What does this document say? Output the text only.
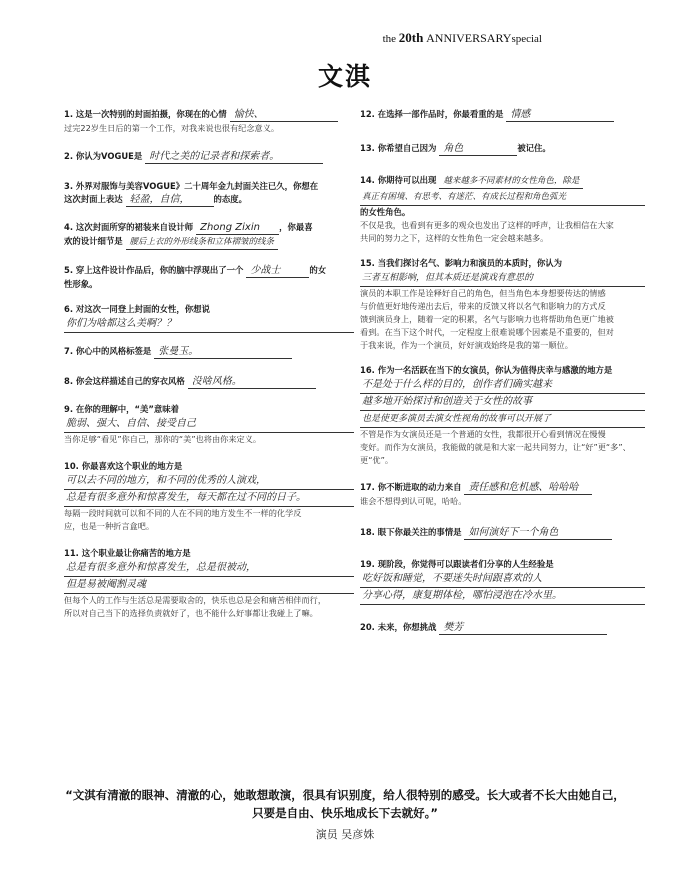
the 20th ANNIVERSARYspecial
文淇
1. 这是一次特别的封面拍摄，你现在的心情 愉快、
过完22岁生日后的第一个工作，对我来说也很有纪念意义。
2. 你认为VOGUE是 时代之美的记录者和探索者。
3. 外界对服饰与美容VOGUE》二十周年金九封面关注已久，你想在
这次封面上表达 轻盈，自信，	的态度。
4. 这次封面所穿的裙装来自设计师 Zhong Zixin ，你最喜
欢的设计细节是 腰后上衣的外形线条和立体褶皱的线条
5. 穿上这件设计作品后，你的脑中浮现出了一个 少战士	的女
性形象。
6. 对这次一同登上封面的女性，你想说
你们为啥都这么美啊？？
7. 你心中的风格标签是 张曼玉。
8. 你会这样描述自己的穿衣风格 没啥风格。
9. 在你的理解中，“美”意味着
脆弱、强大、自信、接受自己
当你足够“看见”你自己，那你的“美”也将由你来定义。
10. 你最喜欢这个职业的地方是
可以去不同的地方，和不同的优秀的人演戏，
总是有很多意外和惊喜发生，每天都在过不同的日子。
每隔一段时间就可以和不同的人在不同的地方发生不一样的化学反
应，也是一种折言盒吧。
11. 这个职业最让你痛苦的地方是
总是有很多意外和惊喜发生，总是很被动，
但是易被阉割灵魂
但每个人的工作与生活总是需要取舍的，快乐也总是会和痛苦相伴而行，
所以对自己当下的选择负责就好了，也不能什么好事都让我碰上了嘛。
12. 在选择一部作品时，你最看重的是 情感
13. 你希望自己因为 角色	被记住。
14. 你期待可以出现 越来越多不同素材的女性角色，除是
真正有困境、有思考、有迷茫、有成长过程和角色弧光
的女性角色。
不仅是我，也看到有更多的观众也发出了这样的呼声，让我相信在大家
共同的努力之下，这样的女性角色一定会越来越多。
15. 当我们探讨名气、影响力和演员的本质时，你认为
三者互相影响，但其本质还是演戏有意思的
演员的本职工作是诠释好自己的角色，但当角色本身想要传达的情感
与价值更好地传递出去后，带来的反馈又将以名气和影响力的方式反
馈到演员身上，随着一定的积累，名气与影响力也将帮助角色更广地被
看到。在当下这个时代，一定程度上很难说哪个因素是不重要的，但对
于我来说，作为一个演员，好好演戏始终是我的第一顺位。
16. 作为一名活跃在当下的女演员，你认为值得庆幸与感激的地方是
不是处于什么样的目的，创作者们确实越来
越多地开始探讨和创造关于女性的故事
也是使更多演员去演女性视角的故事可以开展了
不管是作为女演员还是一个普通的女性，我都很开心看到情况在慢慢
变好。而作为女演员，我能做的就是和大家一起共同努力，让“好”更“多”、
更“优”。
17. 你不断进取的动力来自 责任感和危机感、哈哈哈
谁会不想得到认可呢，哈哈。
18. 眼下你最关注的事情是 如何演好下一个角色
19. 现阶段，你觉得可以跟读者们分享的人生经验是
吃好饭和睡觉，不要迷失时间跟喜欢的人
分享心得，康复期体检，哪怕浸泡在冷水里。
20. 未来，你想挑战 樊芳
“文淇有清澈的眼神、清澈的心，她敢想敢演，很具有识别度，给人很特别的感受。长大或者不长大由她自己，
只要是自由、快乐地成长下去就好。”
演员 吴彦姝
